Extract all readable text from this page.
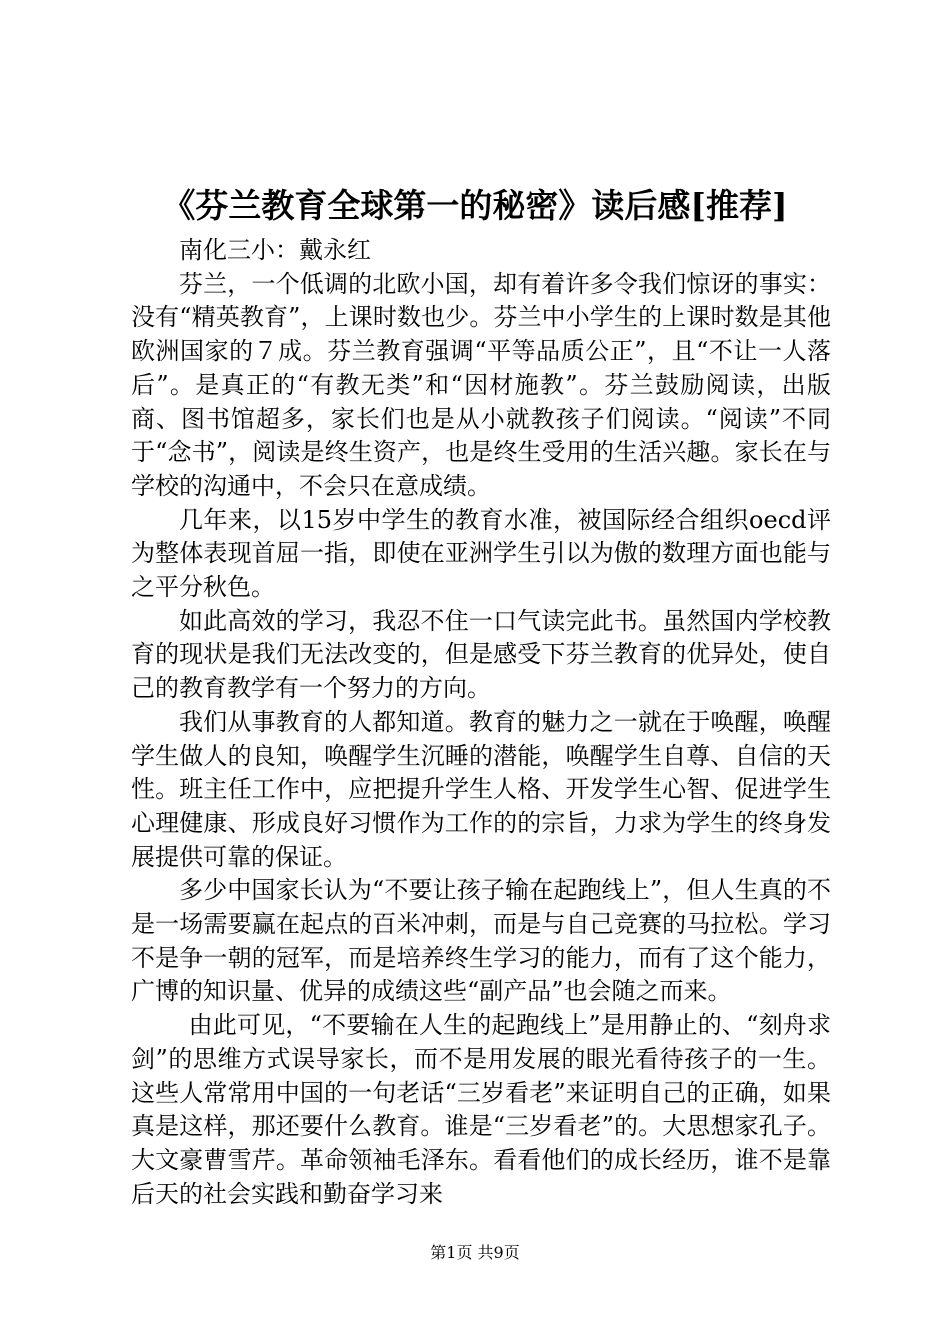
《芬兰教育全球第一的秘密》读后感[推荐]

南化三小：戴永红

芬兰，一个低调的北欧小国，却有着许多令我们惊讶的事实：没有“精英教育”，上课时数也少。芬兰中小学生的上课时数是其他欧洲国家的７成。芬兰教育强调“平等品质公正”，且“不让一人落后”。是真正的“有教无类”和“因材施教”。芬兰鼓励阅读，出版商、图书馆超多，家长们也是从小就教孩子们阅读。“阅读”不同于“念书”，阅读是终生资产，也是终生受用的生活兴趣。家长在与学校的沟通中，不会只在意成绩。

几年来，以15岁中学生的教育水准，被国际经合组织oecd评为整体表现首屈一指，即使在亚洲学生引以为傲的数理方面也能与之平分秋色。

如此高效的学习，我忍不住一口气读完此书。虽然国内学校教育的现状是我们无法改变的，但是感受下芬兰教育的优异处，使自己的教育教学有一个努力的方向。

我们从事教育的人都知道。教育的魅力之一就在于唤醒，唤醒学生做人的良知，唤醒学生沉睡的潜能，唤醒学生自尊、自信的天性。班主任工作中，应把提升学生人格、开发学生心智、促进学生心理健康、形成良好习惯作为工作的的宗旨，力求为学生的终身发展提供可靠的保证。

多少中国家长认为“不要让孩子输在起跑线上”，但人生真的不是一场需要赢在起点的百米冲刺，而是与自己竞赛的马拉松。学习不是争一朝的冠军，而是培养终生学习的能力，而有了这个能力，广博的知识量、优异的成绩这些“副产品”也会随之而来。

由此可见，“不要输在人生的起跑线上”是用静止的、“刻舟求剑”的思维方式误导家长，而不是用发展的眼光看待孩子的一生。这些人常常用中国的一句老话“三岁看老”来证明自己的正确，如果真是这样，那还要什么教育。谁是“三岁看老”的。大思想家孔子。大文豪曹雪芹。革命领袖毛泽东。看看他们的成长经历，谁不是靠后天的社会实践和勤奋学习来

第1页 共9页
